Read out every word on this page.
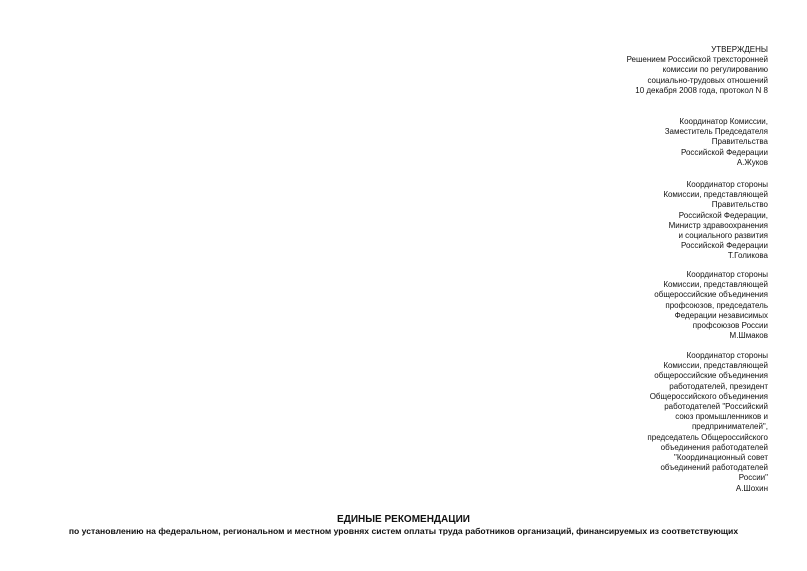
УТВЕРЖДЕНЫ
Решением Российской трехсторонней
комиссии по регулированию
социально-трудовых отношений
10 декабря 2008 года, протокол N 8
Координатор Комиссии,
Заместитель Председателя
Правительства
Российской Федерации
А.Жуков
Координатор стороны
Комиссии, представляющей
Правительство
Российской Федерации,
Министр здравоохранения
и социального развития
Российской Федерации
Т.Голикова
Координатор стороны
Комиссии, представляющей
общероссийские объединения
профсоюзов, председатель
Федерации независимых
профсоюзов России
М.Шмаков
Координатор стороны
Комиссии, представляющей
общероссийские объединения
работодателей, президент
Общероссийского объединения
работодателей "Российский
союз промышленников и
предпринимателей",
председатель Общероссийского
объединения работодателей
"Координационный совет
объединений работодателей
России"
А.Шохин
ЕДИНЫЕ РЕКОМЕНДАЦИИ
по установлению на федеральном, региональном и местном уровнях систем оплаты труда работников организаций, финансируемых из соответствующих
